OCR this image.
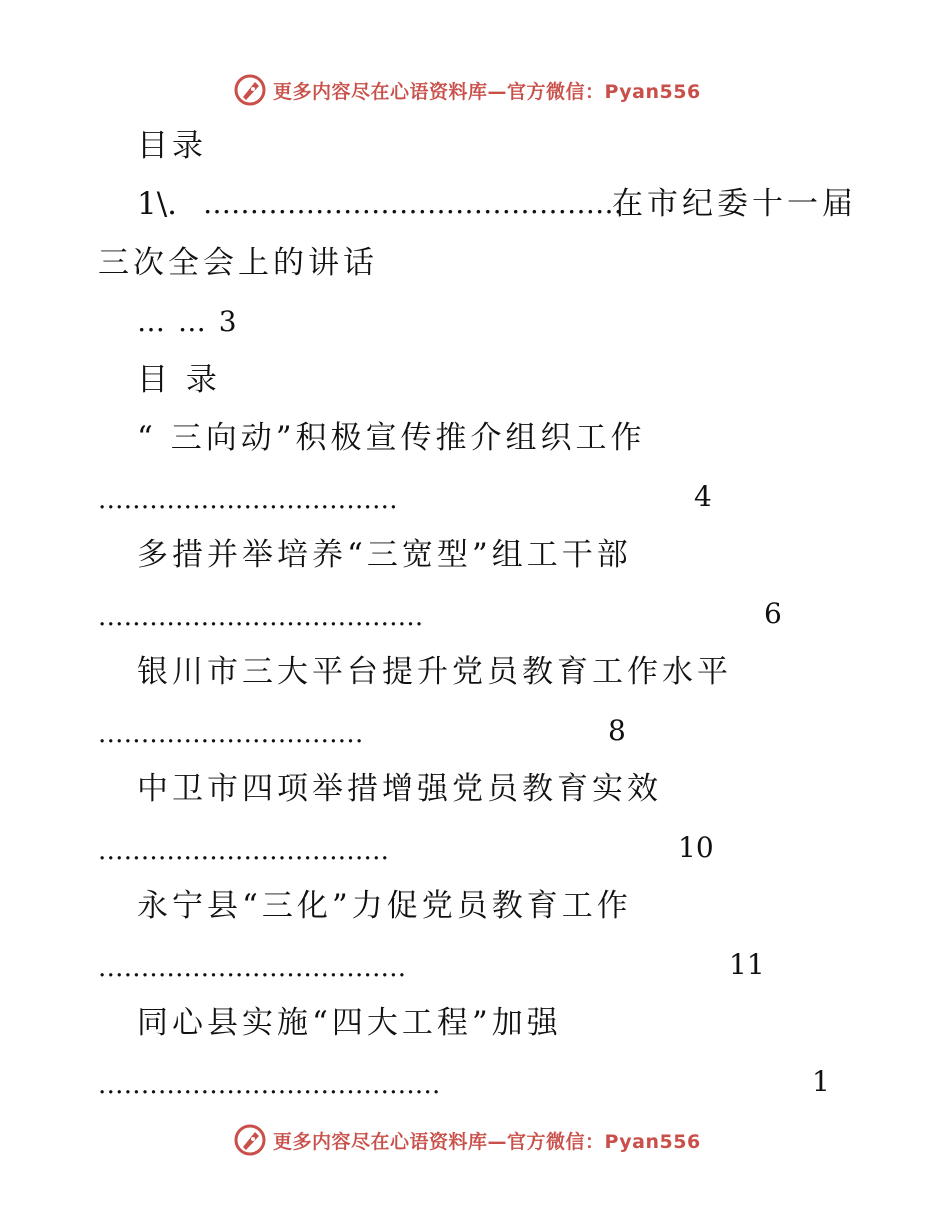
更多内容尽在心语资料库—官方微信：Pyan556
目录
1\. ………………………………………
在市纪委十一届
三次全会上的讲话
… … 3
目 录
“ 三向动”积极宣传推介组织工作
...................................	4
多措并举培养“三宽型”组工干部
......................................	6
银川市三大平台提升党员教育工作水平
...............................	8
中卫市四项举措增强党员教育实效
..................................	10
永宁县“三化”力促党员教育工作
....................................	11
同心县实施“四大工程”加强
........................................	1
更多内容尽在心语资料库—官方微信：Pyan556
